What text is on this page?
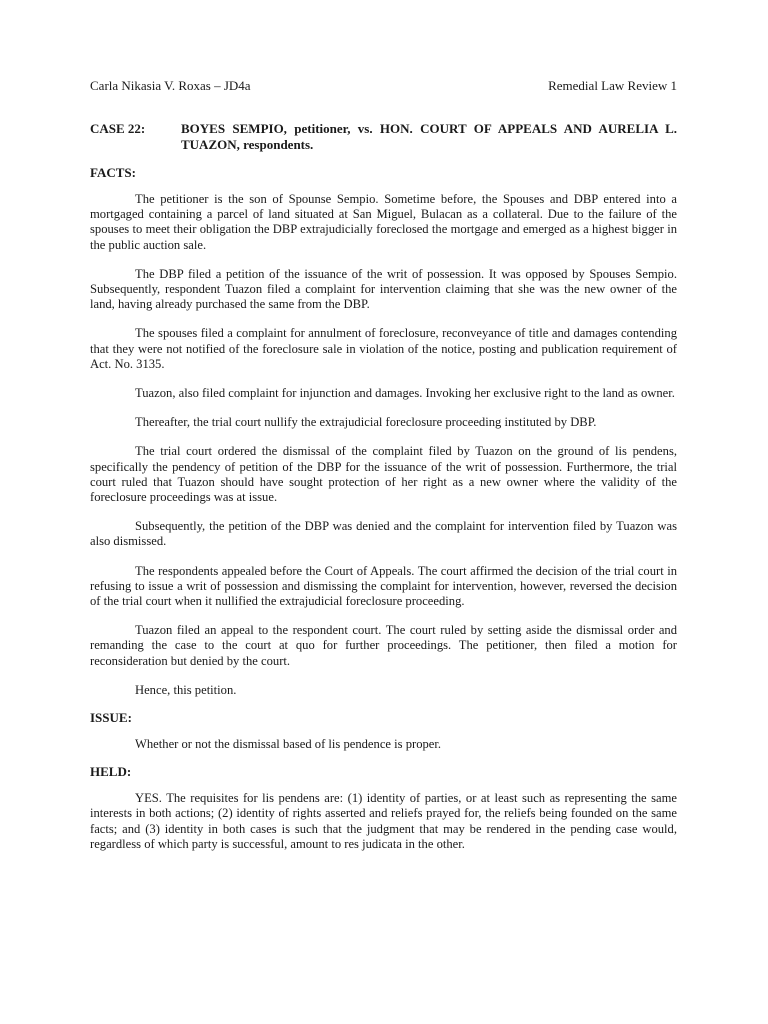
Carla Nikasia V. Roxas – JD4a	Remedial Law Review 1
CASE 22:	BOYES SEMPIO, petitioner, vs. HON. COURT OF APPEALS AND AURELIA L. TUAZON, respondents.
FACTS:

The petitioner is the son of Spounse Sempio. Sometime before, the Spouses and DBP entered into a mortgaged containing a parcel of land situated at San Miguel, Bulacan as a collateral. Due to the failure of the spouses to meet their obligation the DBP extrajudicially foreclosed the mortgage and emerged as a highest bigger in the public auction sale.

The DBP filed a petition of the issuance of the writ of possession. It was opposed by Spouses Sempio. Subsequently, respondent Tuazon filed a complaint for intervention claiming that she was the new owner of the land, having already purchased the same from the DBP.

The spouses filed a complaint for annulment of foreclosure, reconveyance of title and damages contending that they were not notified of the foreclosure sale in violation of the notice, posting and publication requirement of Act. No. 3135.

Tuazon, also filed complaint for injunction and damages. Invoking her exclusive right to the land as owner.

Thereafter, the trial court nullify the extrajudicial foreclosure proceeding instituted by DBP.

The trial court ordered the dismissal of the complaint filed by Tuazon on the ground of lis pendens, specifically the pendency of petition of the DBP for the issuance of the writ of possession. Furthermore, the trial court ruled that Tuazon should have sought protection of her right as a new owner where the validity of the foreclosure proceedings was at issue.

Subsequently, the petition of the DBP was denied and the complaint for intervention filed by Tuazon was also dismissed.

The respondents appealed before the Court of Appeals. The court affirmed the decision of the trial court in refusing to issue a writ of possession and dismissing the complaint for intervention, however, reversed the decision of the trial court when it nullified the extrajudicial foreclosure proceeding.

Tuazon filed an appeal to the respondent court. The court ruled by setting aside the dismissal order and remanding the case to the court at quo for further proceedings. The petitioner, then filed a motion for reconsideration but denied by the court.

Hence, this petition.

ISSUE:

Whether or not the dismissal based of lis pendence is proper.

HELD:

YES. The requisites for lis pendens are: (1) identity of parties, or at least such as representing the same interests in both actions; (2) identity of rights asserted and reliefs prayed for, the reliefs being founded on the same facts; and (3) identity in both cases is such that the judgment that may be rendered in the pending case would, regardless of which party is successful, amount to res judicata in the other.
